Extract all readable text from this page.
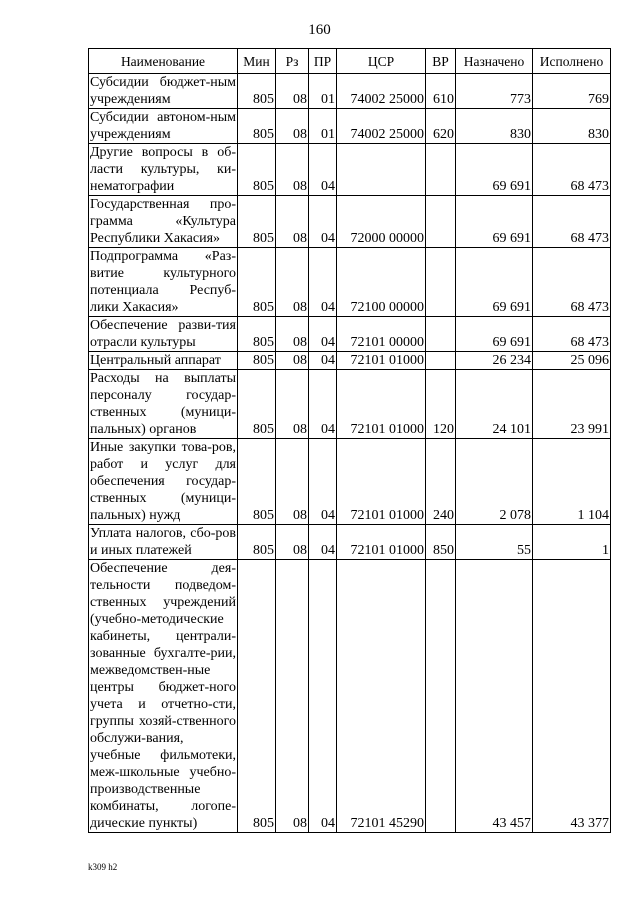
160
Наименование	Мин	Рз	ПР	ЦСР	ВР	Назначено	Исполнено
Субсидии бюджет-ным учреждениям	805	08	01	74002 25000	610	773	769
Субсидии автоном-ным учреждениям	805	08	01	74002 25000	620	830	830
Другие вопросы в об-ласти культуры, ки-нематографии	805	08	04			69 691	68 473
Государственная про-грамма «Культура Республики Хакасия»	805	08	04	72000 00000		69 691	68 473
Подпрограмма «Раз-витие культурного потенциала Респуб-лики Хакасия»	805	08	04	72100 00000		69 691	68 473
Обеспечение разви-тия отрасли культуры	805	08	04	72101 00000		69 691	68 473
Центральный аппарат	805	08	04	72101 01000		26 234	25 096
Расходы на выплаты персоналу государ-ственных (муници-пальных) органов	805	08	04	72101 01000	120	24 101	23 991
Иные закупки това-ров, работ и услуг для обеспечения государ-ственных (муници-пальных) нужд	805	08	04	72101 01000	240	2 078	1 104
Уплата налогов, сбо-ров и иных платежей	805	08	04	72101 01000	850	55	1
Обеспечение дея-тельности подведом-ственных учреждений (учебно-методические кабинеты, централи-зованные бухгалте-рии, межведомствен-ные центры бюджет-ного учета и отчетно-сти, группы хозяй-ственного обслужи-вания, учебные фильмотеки, меж-школьные учебно-производственные комбинаты, логопе-дические пункты)	805	08	04	72101 45290		43 457	43 377
k309 h2
